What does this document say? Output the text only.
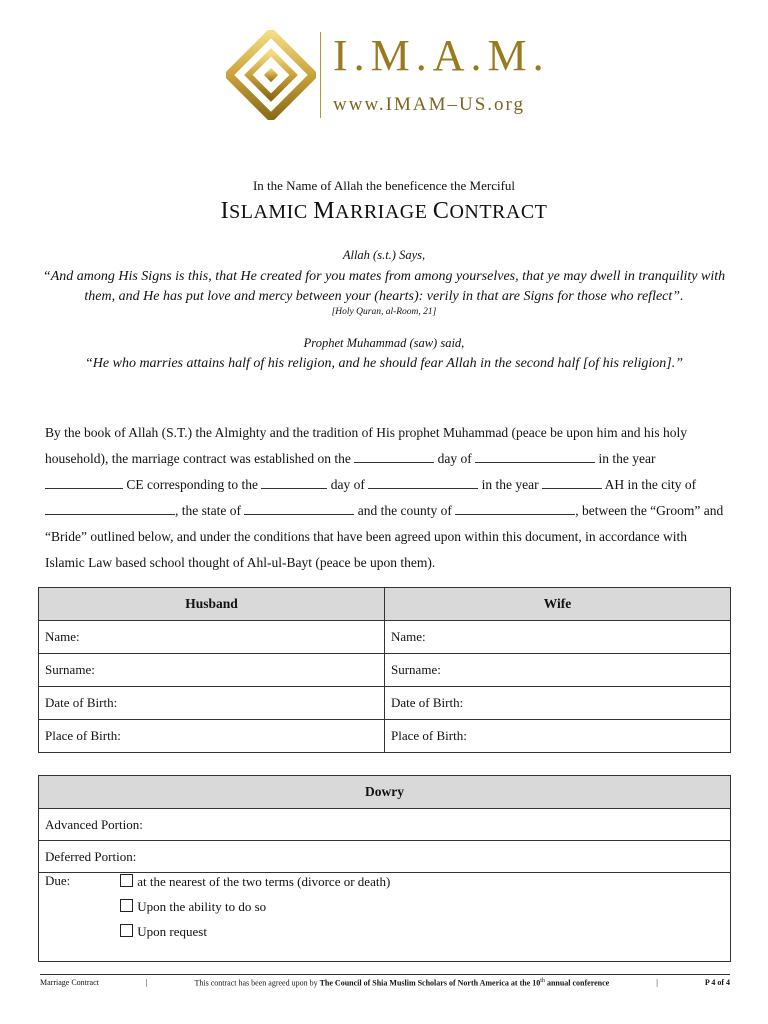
I.M.A.M.
www.IMAM–US.org
In the Name of Allah the beneficence the Merciful
ISLAMIC MARRIAGE CONTRACT
Allah (s.t.) Says,
“And among His Signs is this, that He created for you mates from among yourselves, that ye may dwell in tranquility with them, and He has put love and mercy between your (hearts): verily in that are Signs for those who reflect”.
[Holy Quran, al-Room, 21]
Prophet Muhammad (saw) said,
“He who marries attains half of his religion, and he should fear Allah in the second half [of his religion].”
By the book of Allah (S.T.) the Almighty and the tradition of His prophet Muhammad (peace be upon him and his holy household), the marriage contract was established on the	day of	in the year  CE corresponding to the	day of	in the year	AH in the city of , the state of	and the county of	, between the “Groom” and “Bride” outlined below, and under the conditions that have been agreed upon within this document, in accordance with Islamic Law based school thought of Ahl-ul-Bayt (peace be upon them).
Husband	Wife
Name:	Name:
Surname:	Surname:
Date of Birth:	Date of Birth:
Place of Birth:	Place of Birth:
Dowry
Advanced Portion:
Deferred Portion:
Due:	at the nearest of the two terms (divorce or death)
Upon the ability to do so
Upon request
Marriage Contract	|	This contract has been agreed upon by The Council of Shia Muslim Scholars of North America at the 10th annual conference	|	P 4 of 4
